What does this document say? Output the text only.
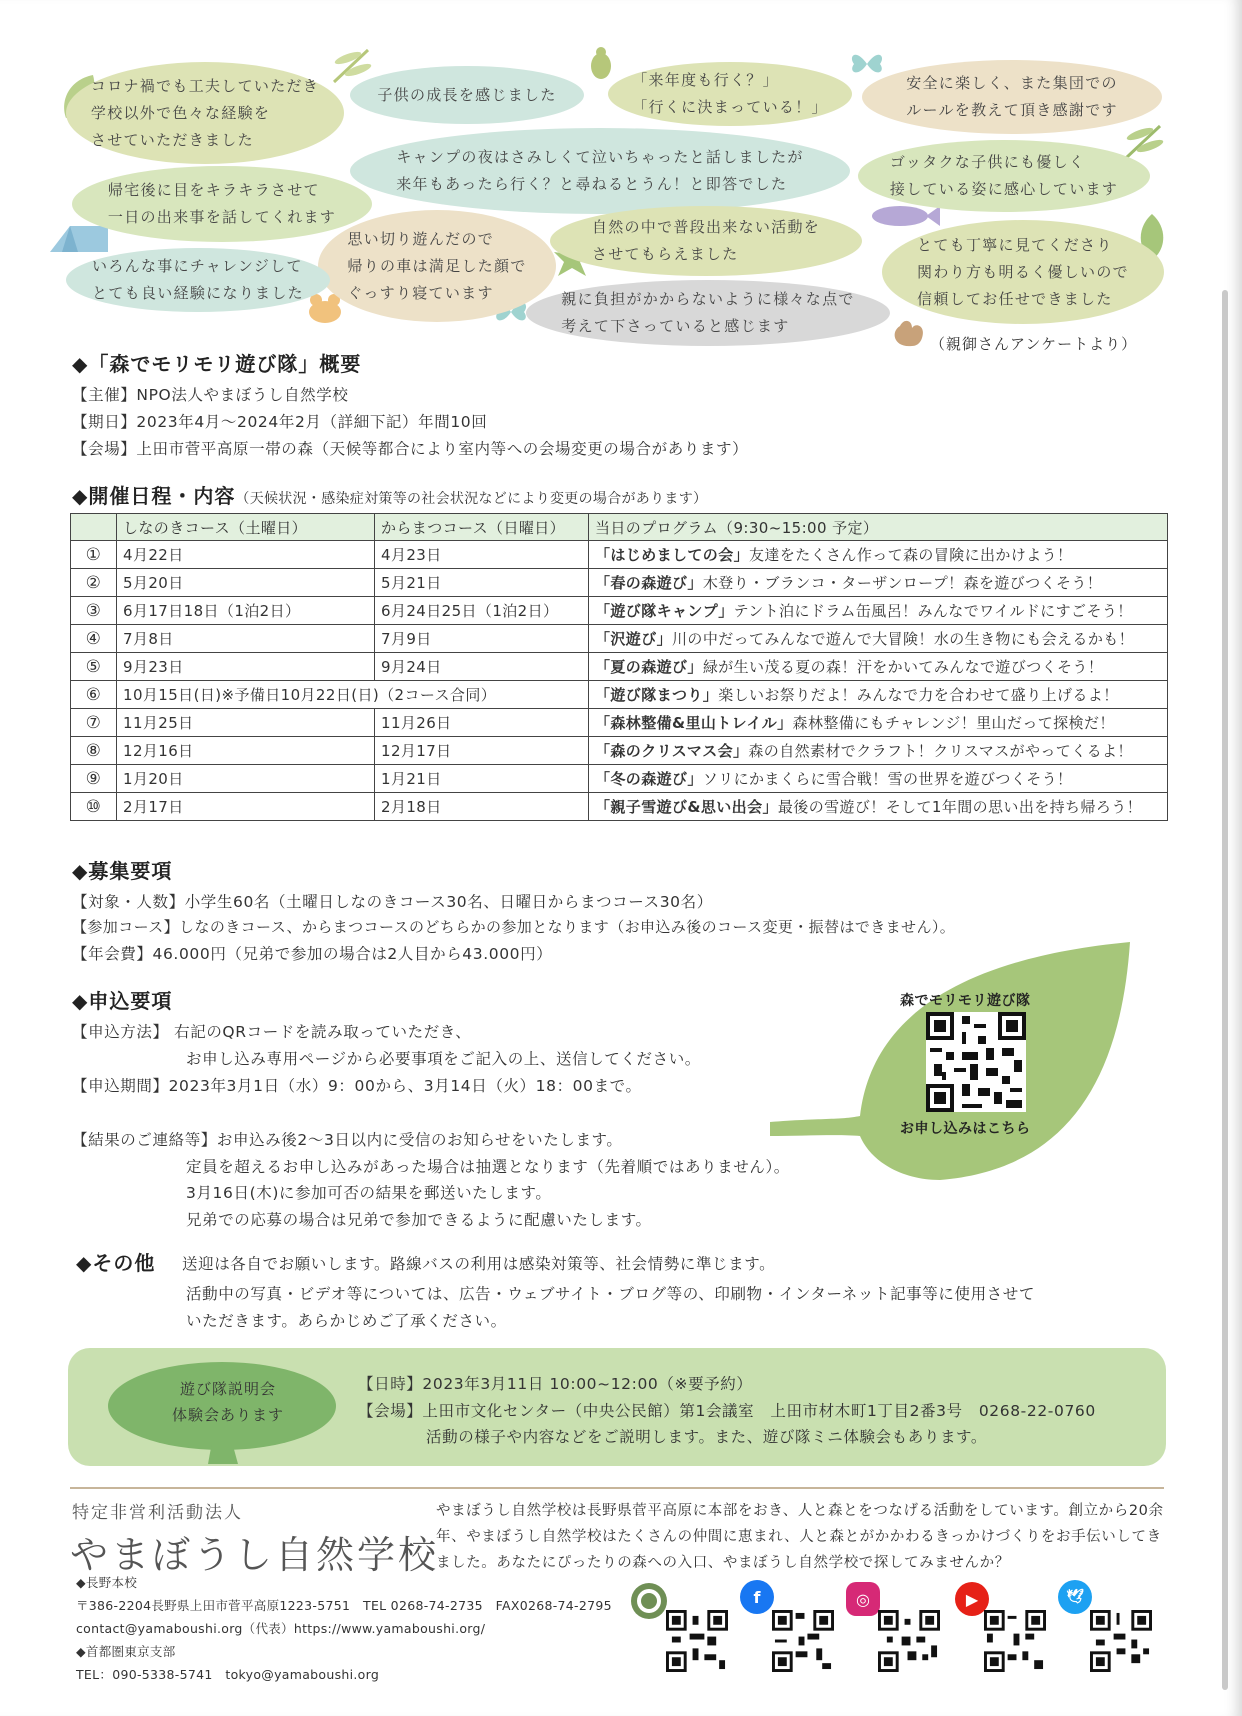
コロナ禍でも工夫していただき
学校以外で色々な経験を
させていただきました
子供の成長を感じました
「来年度も行く？」
「行くに決まっている！」
安全に楽しく、また集団での
ルールを教えて頂き感謝です
キャンプの夜はさみしくて泣いちゃったと話しましたが
来年もあったら行く？と尋ねるとうん！と即答でした
ゴッタクな子供にも優しく
接している姿に感心しています
帰宅後に目をキラキラさせて
一日の出来事を話してくれます
思い切り遊んだので
帰りの車は満足した顔で
ぐっすり寝ています
自然の中で普段出来ない活動を
させてもらえました
とても丁寧に見てくださり
関わり方も明るく優しいので
信頼してお任せできました
いろんな事にチャレンジして
とても良い経験になりました	親に負担がかからないように様々な点で
考えて下さっていると感じます
（親御さんアンケートより）
◆「森でモリモリ遊び隊」概要
【主催】NPO法人やまぼうし自然学校
【期日】2023年4月～2024年2月（詳細下記）年間10回
【会場】上田市菅平高原一帯の森（天候等都合により室内等への会場変更の場合があります）
◆開催日程・内容（天候状況・感染症対策等の社会状況などにより変更の場合があります）
	しなのきコース（土曜日）	からまつコース（日曜日）	当日のプログラム（9:30~15:00 予定）
①	4月22日	4月23日	「はじめましての会」友達をたくさん作って森の冒険に出かけよう！
②	5月20日	5月21日	「春の森遊び」木登り・ブランコ・ターザンロープ！森を遊びつくそう！
③	6月17日18日（1泊2日）	6月24日25日（1泊2日）	「遊び隊キャンプ」テント泊にドラム缶風呂！みんなでワイルドにすごそう！
④	7月8日	7月9日	「沢遊び」川の中だってみんなで遊んで大冒険！水の生き物にも会えるかも！
⑤	9月23日	9月24日	「夏の森遊び」緑が生い茂る夏の森！汗をかいてみんなで遊びつくそう！
⑥	10月15日(日)※予備日10月22日(日)（2コース合同）		「遊び隊まつり」楽しいお祭りだよ！みんなで力を合わせて盛り上げるよ！
⑦	11月25日	11月26日	「森林整備&里山トレイル」森林整備にもチャレンジ！里山だって探検だ！
⑧	12月16日	12月17日	「森のクリスマス会」森の自然素材でクラフト！クリスマスがやってくるよ！
⑨	1月20日	1月21日	「冬の森遊び」ソリにかまくらに雪合戦！雪の世界を遊びつくそう！
⑩	2月17日	2月18日	「親子雪遊び&思い出会」最後の雪遊び！そして1年間の思い出を持ち帰ろう！
◆募集要項
【対象・人数】小学生60名（土曜日しなのきコース30名、日曜日からまつコース30名）
【参加コース】しなのきコース、からまつコースのどちらかの参加となります（お申込み後のコース変更・振替はできません）。
【年会費】46.000円（兄弟で参加の場合は2人目から43.000円）
◆申込要項
【申込方法】 右記のQRコードを読み取っていただき、
お申し込み専用ページから必要事項をご記入の上、送信してください。
【申込期間】2023年3月1日（水）9：00から、3月14日（火）18：00まで。
【結果のご連絡等】お申込み後2～3日以内に受信のお知らせをいたします。
定員を超えるお申し込みがあった場合は抽選となります（先着順ではありません）。
3月16日(木)に参加可否の結果を郵送いたします。
兄弟での応募の場合は兄弟で参加できるように配慮いたします。
森でモリモリ遊び隊
お申し込みはこちら
◆その他 送迎は各自でお願いします。路線バスの利用は感染対策等、社会情勢に準じます。
活動中の写真・ビデオ等については、広告・ウェブサイト・ブログ等の、印刷物・インターネット記事等に使用させて
いただきます。あらかじめご了承ください。
遊び隊説明会
体験会あります
【日時】2023年3月11日 10:00~12:00（※要予約）
【会場】上田市文化センター（中央公民館）第1会議室　上田市材木町1丁目2番3号　0268-22-0760
活動の様子や内容などをご説明します。また、遊び隊ミニ体験会もあります。
特定非営利活動法人
やまぼうし自然学校
やまぼうし自然学校は長野県菅平高原に本部をおき、人と森とをつなげる活動をしています。創立から20余年、やまぼうし自然学校はたくさんの仲間に恵まれ、人と森とがかかわるきっかけづくりをお手伝いしてきました。あなたにぴったりの森への入口、やまぼうし自然学校で探してみませんか？
◆長野本校
〒386-2204長野県上田市菅平高原1223-5751　TEL 0268-74-2735　FAX0268-74-2795
contact@yamaboushi.org（代表）https://www.yamaboushi.org/
◆首都圏東京支部
TEL：090-5338-5741　tokyo@yamaboushi.org
f	◎	▶	🕊
